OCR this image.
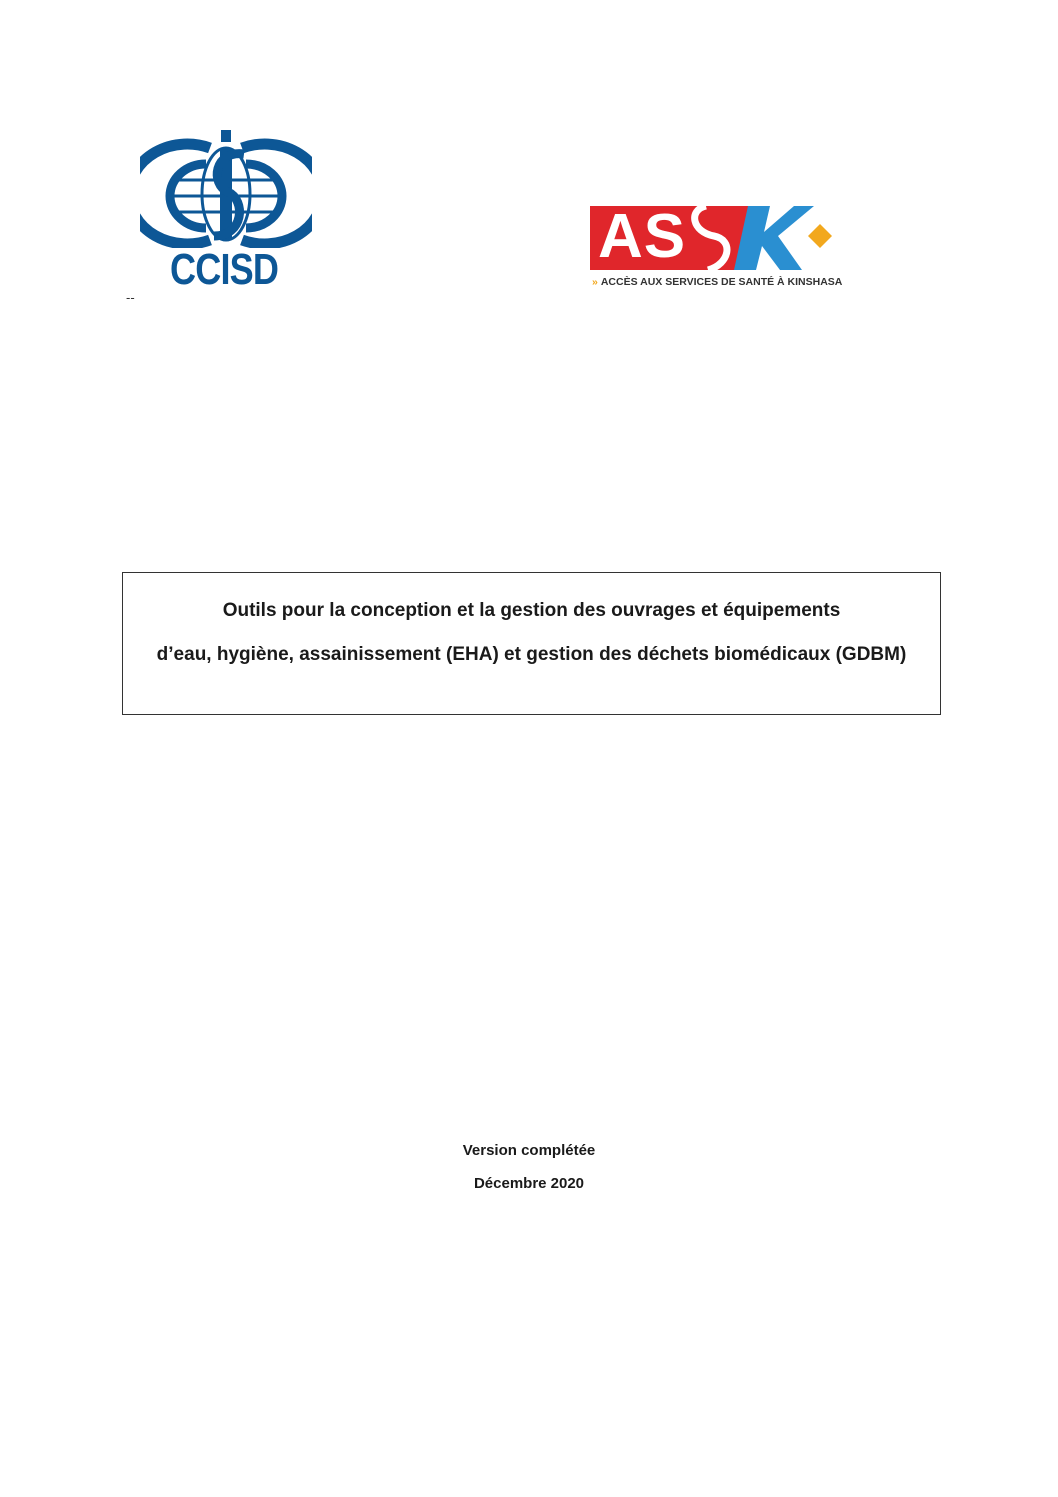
CCISD
--
AS
» ACCÈS AUX SERVICES DE SANTÉ À KINSHASA
Outils pour la conception et la gestion des ouvrages et équipements
d’eau, hygiène, assainissement (EHA) et gestion des déchets biomédicaux (GDBM)
Version complétée
Décembre 2020
